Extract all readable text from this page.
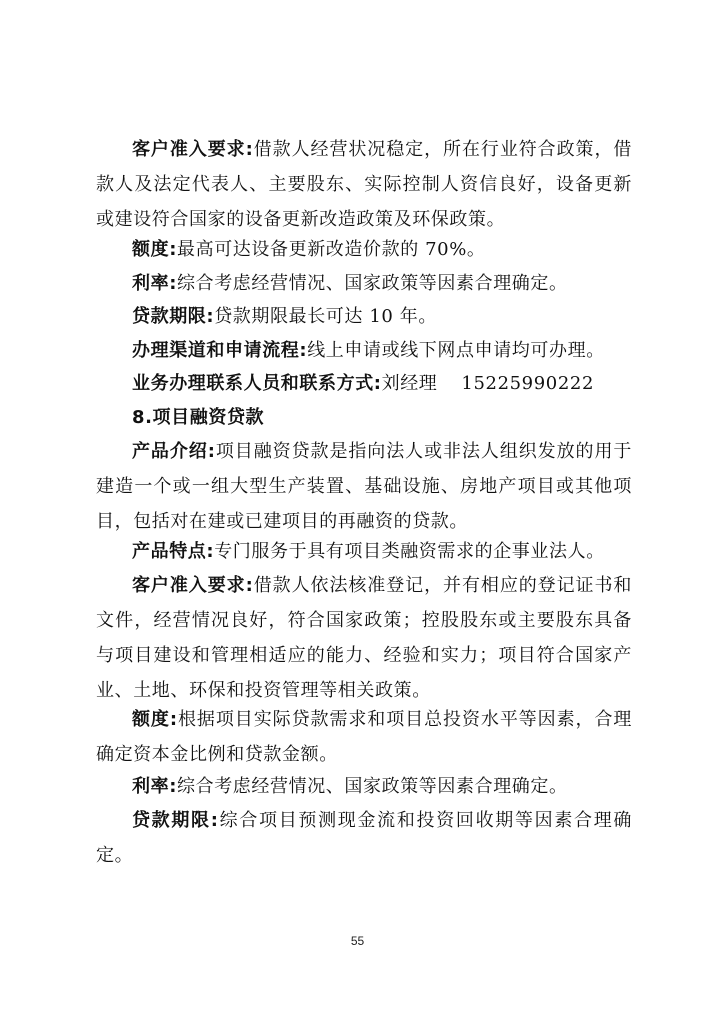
客户准入要求:借款人经营状况稳定，所在行业符合政策，借款人及法定代表人、主要股东、实际控制人资信良好，设备更新或建设符合国家的设备更新改造政策及环保政策。

额度:最高可达设备更新改造价款的 70%。

利率:综合考虑经营情况、国家政策等因素合理确定。

贷款期限:贷款期限最长可达 10 年。

办理渠道和申请流程:线上申请或线下网点申请均可办理。

业务办理联系人员和联系方式:刘经理 15225990222

8.项目融资贷款

产品介绍:项目融资贷款是指向法人或非法人组织发放的用于建造一个或一组大型生产装置、基础设施、房地产项目或其他项目，包括对在建或已建项目的再融资的贷款。

产品特点:专门服务于具有项目类融资需求的企事业法人。

客户准入要求:借款人依法核准登记，并有相应的登记证书和文件，经营情况良好，符合国家政策；控股股东或主要股东具备与项目建设和管理相适应的能力、经验和实力；项目符合国家产业、土地、环保和投资管理等相关政策。

额度:根据项目实际贷款需求和项目总投资水平等因素，合理确定资本金比例和贷款金额。

利率:综合考虑经营情况、国家政策等因素合理确定。

贷款期限:综合项目预测现金流和投资回收期等因素合理确定。

55
